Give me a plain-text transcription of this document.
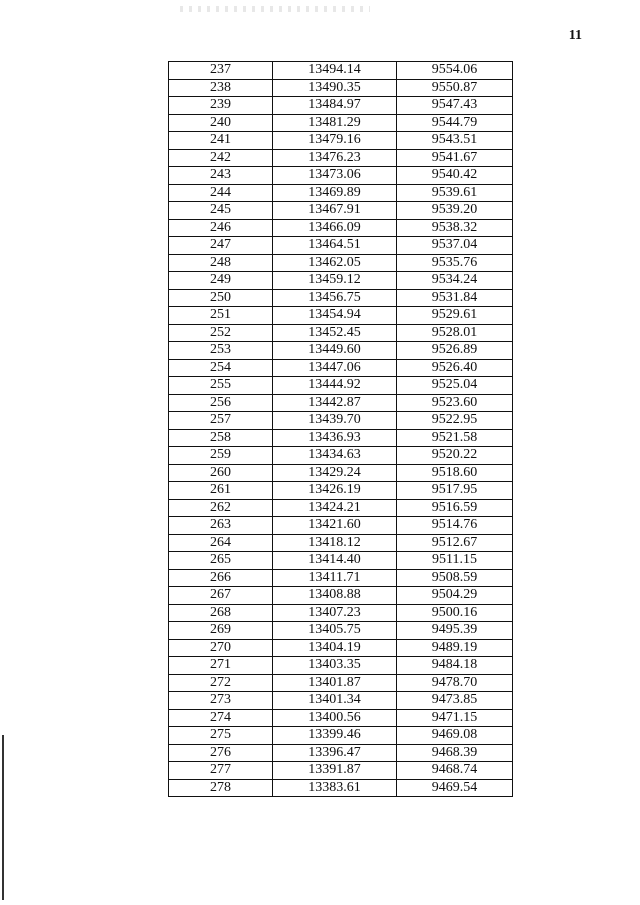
11
237	13494.14	9554.06
238	13490.35	9550.87
239	13484.97	9547.43
240	13481.29	9544.79
241	13479.16	9543.51
242	13476.23	9541.67
243	13473.06	9540.42
244	13469.89	9539.61
245	13467.91	9539.20
246	13466.09	9538.32
247	13464.51	9537.04
248	13462.05	9535.76
249	13459.12	9534.24
250	13456.75	9531.84
251	13454.94	9529.61
252	13452.45	9528.01
253	13449.60	9526.89
254	13447.06	9526.40
255	13444.92	9525.04
256	13442.87	9523.60
257	13439.70	9522.95
258	13436.93	9521.58
259	13434.63	9520.22
260	13429.24	9518.60
261	13426.19	9517.95
262	13424.21	9516.59
263	13421.60	9514.76
264	13418.12	9512.67
265	13414.40	9511.15
266	13411.71	9508.59
267	13408.88	9504.29
268	13407.23	9500.16
269	13405.75	9495.39
270	13404.19	9489.19
271	13403.35	9484.18
272	13401.87	9478.70
273	13401.34	9473.85
274	13400.56	9471.15
275	13399.46	9469.08
276	13396.47	9468.39
277	13391.87	9468.74
278	13383.61	9469.54
